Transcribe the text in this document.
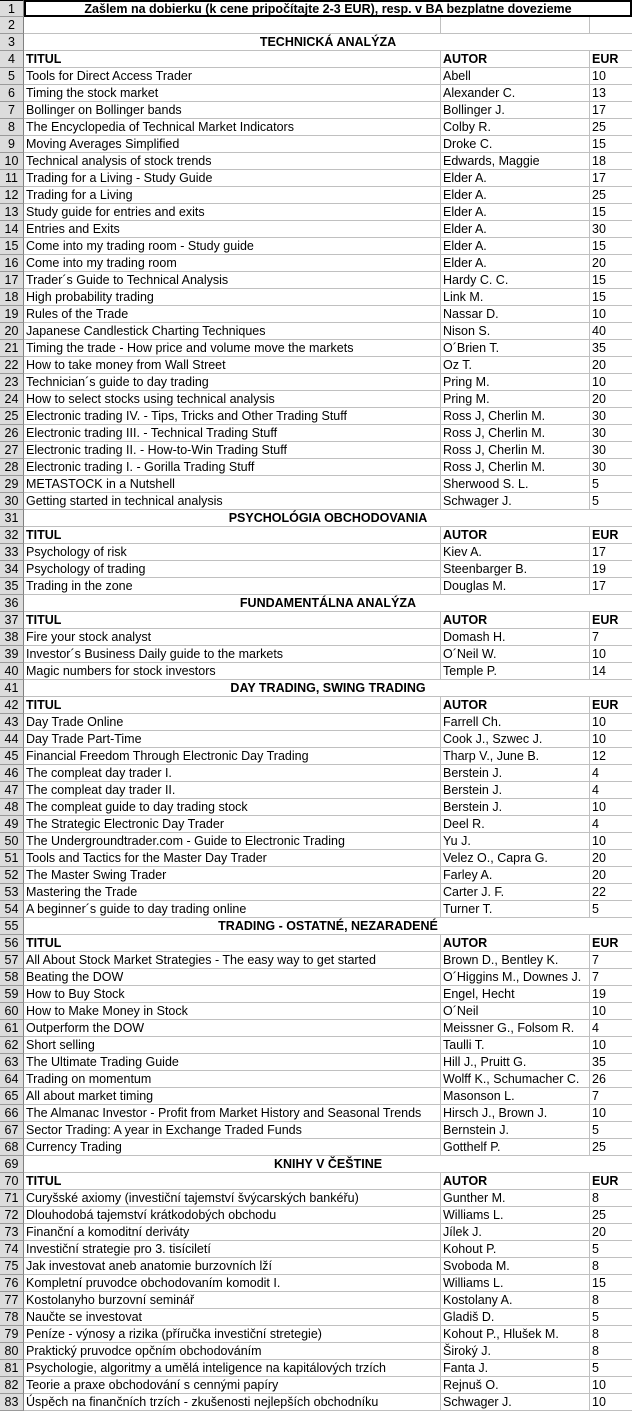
1	Zašlem na dobierku (k cene pripočítajte 2-3 EUR), resp. v BA bezplatne dovezieme
2
3	TECHNICKÁ ANALÝZA
4 TITUL	AUTOR	EUR
5 Tools for Direct Access Trader	Abell	10
6 Timing the stock market	Alexander C.	13
7 Bollinger on Bollinger bands	Bollinger J.	17
8 The Encyclopedia of Technical Market Indicators	Colby R.	25
9 Moving Averages Simplified	Droke C.	15
10 Technical analysis of stock trends	Edwards, Maggie	18
11 Trading for a Living - Study Guide	Elder A.	17
12 Trading for a Living	Elder A.	25
13 Study guide for entries and exits	Elder A.	15
14 Entries and Exits	Elder A.	30
15 Come into my trading room - Study guide	Elder A.	15
16 Come into my trading room	Elder A.	20
17 Trader´s Guide to Technical Analysis	Hardy C. C.	15
18 High probability trading	Link M.	15
19 Rules of the Trade	Nassar D.	10
20 Japanese Candlestick Charting Techniques	Nison S.	40
21 Timing the trade - How price and volume move the markets	O´Brien T.	35
22 How to take money from Wall Street	Oz T.	20
23 Technician´s guide to day trading	Pring M.	10
24 How to select stocks using technical analysis	Pring M.	20
25 Electronic trading IV. - Tips, Tricks and Other Trading Stuff	Ross J, Cherlin M.	30
26 Electronic trading III. - Technical Trading Stuff	Ross J, Cherlin M.	30
27 Electronic trading II. - How-to-Win Trading Stuff	Ross J, Cherlin M.	30
28 Electronic trading I. - Gorilla Trading Stuff	Ross J, Cherlin M.	30
29 METASTOCK in a Nutshell	Sherwood S. L.	5
30 Getting started in technical analysis	Schwager J.	5
31	PSYCHOLÓGIA OBCHODOVANIA
32 TITUL	AUTOR	EUR
33 Psychology of risk	Kiev A.	17
34 Psychology of trading	Steenbarger B.	19
35 Trading in the zone	Douglas M.	17
36	FUNDAMENTÁLNA ANALÝZA
37 TITUL	AUTOR	EUR
38 Fire your stock analyst	Domash H.	7
39 Investor´s Business Daily guide to the markets	O´Neil W.	10
40 Magic numbers for stock investors	Temple P.	14
41	DAY TRADING, SWING TRADING
42 TITUL	AUTOR	EUR
43 Day Trade Online	Farrell Ch.	10
44 Day Trade Part-Time	Cook J., Szwec J.	10
45 Financial Freedom Through Electronic Day Trading	Tharp V., June B.	12
46 The compleat day trader I.	Berstein J.	4
47 The compleat day trader II.	Berstein J.	4
48 The compleat guide to day trading stock	Berstein J.	10
49 The Strategic Electronic Day Trader	Deel R.	4
50 The Undergroundtrader.com - Guide to Electronic Trading	Yu J.	10
51 Tools and Tactics for the Master Day Trader	Velez O., Capra G.	20
52 The Master Swing Trader	Farley A.	20
53 Mastering the Trade	Carter J. F.	22
54 A beginner´s guide to day trading online	Turner T.	5
55	TRADING - OSTATNÉ, NEZARADENÉ
56 TITUL	AUTOR	EUR
57 All About Stock Market Strategies - The easy way to get started	Brown D., Bentley K.	7
58 Beating the DOW	O´Higgins M., Downes J. 7
59 How to Buy Stock	Engel, Hecht	19
60 How to Make Money in Stock	O´Neil	10
61 Outperform the DOW	Meissner G., Folsom R.	4
62 Short selling	Taulli T.	10
63 The Ultimate Trading Guide	Hill J., Pruitt G.	35
64 Trading on momentum	Wolff K., Schumacher C.	26
65 All about market timing	Masonson L.	7
66 The Almanac Investor - Profit from Market History and Seasonal Trends	Hirsch J., Brown J.	10
67 Sector Trading: A year in Exchange Traded Funds	Bernstein J.	5
68 Currency Trading	Gotthelf P.	25
69	KNIHY V ČEŠTINE
70 TITUL	AUTOR	EUR
71 Curyšské axiomy (investiční tajemství švýcarských bankéřu)	Gunther M.	8
72 Dlouhodobá tajemství krátkodobých obchodu	Williams L.	25
73 Finanční a komoditní deriváty	Jílek J.	20
74 Investiční strategie pro 3. tisíciletí	Kohout P.	5
75 Jak investovat aneb anatomie burzovních lží	Svoboda M.	8
76 Kompletní pruvodce obchodovaním komodit I.	Williams L.	15
77 Kostolanyho burzovní seminář	Kostolany A.	8
78 Naučte se investovat	Gladiš D.	5
79 Peníze - výnosy a rizika (příručka investiční stretegie)	Kohout P., Hlušek M.	8
80 Praktický pruvodce opčním obchodováním	Široký J.	8
81 Psychologie, algoritmy a umělá inteligence na kapitálových trzích	Fanta J.	5
82 Teorie a praxe obchodování s cennými papíry	Rejnuš O.	10
83 Úspěch na finančních trzích - zkušenosti nejlepších obchodníku	Schwager J.	10
